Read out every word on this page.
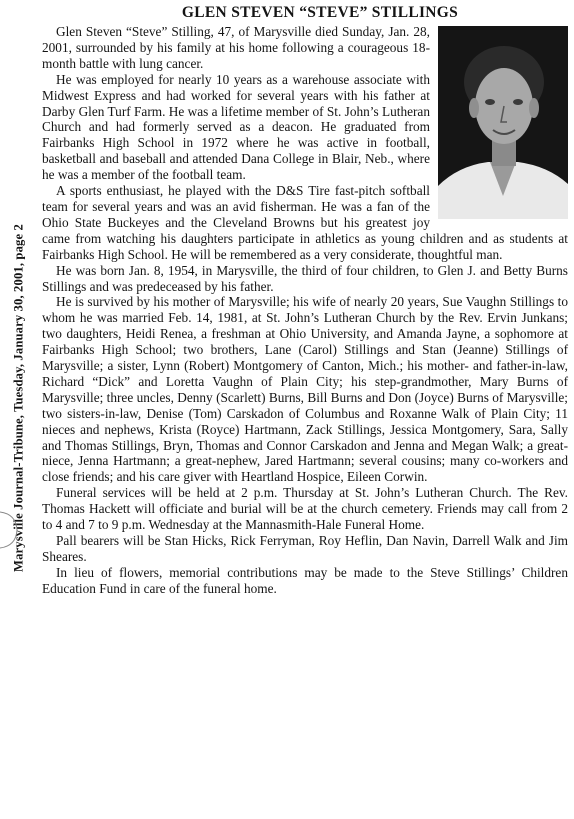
Marysville Journal-Tribune, Tuesday, January 30, 2001, page 2
GLEN STEVEN “STEVE” STILLINGS

Glen Steven “Steve” Stilling, 47, of Marysville died Sunday, Jan. 28, 2001, surrounded by his family at his home following a courageous 18-month battle with lung cancer.

He was employed for nearly 10 years as a warehouse associate with Midwest Express and had worked for several years with his father at Darby Glen Turf Farm. He was a lifetime member of St. John’s Lutheran Church and had formerly served as a deacon. He graduated from Fairbanks High School in 1972 where he was active in football, basketball and baseball and attended Dana College in Blair, Neb., where he was a member of the football team.

A sports enthusiast, he played with the D&S Tire fast-pitch softball team for several years and was an avid fisherman. He was a fan of the Ohio State Buckeyes and the Cleveland Browns but his greatest joy came from watching his daughters participate in athletics as young children and as students at Fairbanks High School. He will be remembered as a very considerate, thoughtful man.

He was born Jan. 8, 1954, in Marysville, the third of four children, to Glen J. and Betty Burns Stillings and was predeceased by his father.

He is survived by his mother of Marysville; his wife of nearly 20 years, Sue Vaughn Stillings to whom he was married Feb. 14, 1981, at St. John’s Lutheran Church by the Rev. Ervin Junkans; two daughters, Heidi Renea, a freshman at Ohio University, and Amanda Jayne, a sophomore at Fairbanks High School; two brothers, Lane (Carol) Stillings and Stan (Jeanne) Stillings of Marysville; a sister, Lynn (Robert) Montgomery of Canton, Mich.; his mother- and father-in-law, Richard “Dick” and Loretta Vaughn of Plain City; his step-grandmother, Mary Burns of Marysville; three uncles, Denny (Scarlett) Burns, Bill Burns and Don (Joyce) Burns of Marysville; two sisters-in-law, Denise (Tom) Carskadon of Columbus and Roxanne Walk of Plain City; 11 nieces and nephews, Krista (Royce) Hartmann, Zack Stillings, Jessica Montgomery, Sara, Sally and Thomas Stillings, Bryn, Thomas and Connor Carskadon and Jenna and Megan Walk; a great-niece, Jenna Hartmann; a great-nephew, Jared Hartmann; several cousins; many co-workers and close friends; and his care giver with Heartland Hospice, Eileen Corwin.

Funeral services will be held at 2 p.m. Thursday at St. John’s Lutheran Church. The Rev. Thomas Hackett will officiate and burial will be at the church cemetery. Friends may call from 2 to 4 and 7 to 9 p.m. Wednesday at the Mannasmith-Hale Funeral Home.

Pall bearers will be Stan Hicks, Rick Ferryman, Roy Heflin, Dan Navin, Darrell Walk and Jim Sheares.

In lieu of flowers, memorial contributions may be made to the Steve Stillings’ Children Education Fund in care of the funeral home.
